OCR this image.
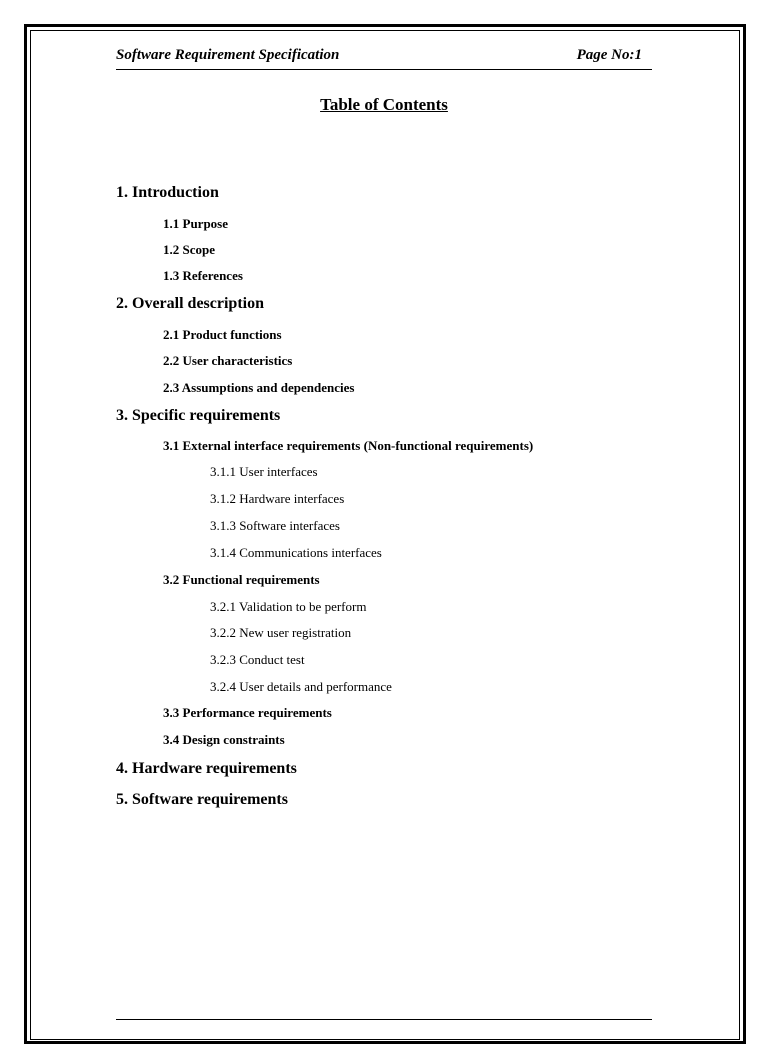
Software Requirement Specification	Page No:1
Table of Contents
1. Introduction
1.1 Purpose
1.2 Scope
1.3 References
2. Overall description
2.1 Product functions
2.2 User characteristics
2.3 Assumptions and dependencies
3. Specific requirements
3.1 External interface requirements (Non-functional requirements)
3.1.1 User interfaces
3.1.2 Hardware interfaces
3.1.3 Software interfaces
3.1.4 Communications interfaces
3.2 Functional requirements
3.2.1 Validation to be perform
3.2.2 New user registration
3.2.3 Conduct test
3.2.4 User details and performance
3.3 Performance requirements
3.4 Design constraints
4. Hardware requirements
5. Software requirements
